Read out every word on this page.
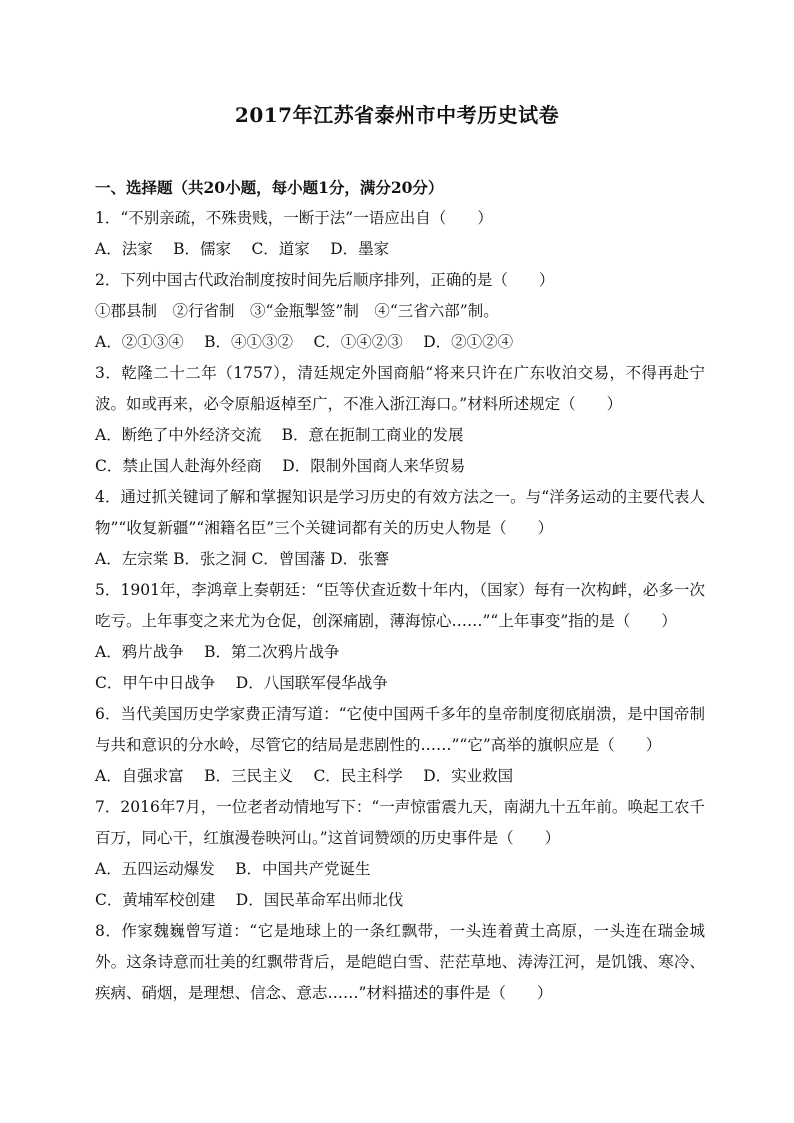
2017年江苏省泰州市中考历史试卷
一、选择题（共20小题，每小题1分，满分20分）
1．“不别亲疏，不殊贵贱，一断于法”一语应出自（　　）
A．法家　 B．儒家　 C．道家　 D．墨家
2．下列中国古代政治制度按时间先后顺序排列，正确的是（　　）
①郡县制　②行省制　③“金瓶掣签”制　④“三省六部”制。
A．②①③④　 B．④①③②　 C．①④②③　 D．②①②④
3．乾隆二十二年（1757），清廷规定外国商船“将来只许在广东收泊交易，不得再赴宁波。如或再来，必令原船返棹至广，不准入浙江海口。”材料所述规定（　　）
A．断绝了中外经济交流　 B．意在扼制工商业的发展
C．禁止国人赴海外经商　 D．限制外国商人来华贸易
4．通过抓关键词了解和掌握知识是学习历史的有效方法之一。与“洋务运动的主要代表人物”“收复新疆”“湘籍名臣”三个关键词都有关的历史人物是（　　）
A．左宗棠 B．张之洞 C．曾国藩 D．张謇
5．1901年，李鸿章上奏朝廷：“臣等伏查近数十年内，（国家）每有一次构衅，必多一次吃亏。上年事变之来尤为仓促，创深痛剧，薄海惊心……”“上年事变”指的是（　　）
A．鸦片战争　 B．第二次鸦片战争
C．甲午中日战争　 D．八国联军侵华战争
6．当代美国历史学家费正清写道：“它使中国两千多年的皇帝制度彻底崩溃，是中国帝制与共和意识的分水岭，尽管它的结局是悲剧性的……”“它”高举的旗帜应是（　　）
A．自强求富　 B．三民主义　 C．民主科学　 D．实业救国
7．2016年7月，一位老者动情地写下：“一声惊雷震九天，南湖九十五年前。唤起工农千百万，同心干，红旗漫卷映河山。”这首词赞颂的历史事件是（　　）
A．五四运动爆发　 B．中国共产党诞生
C．黄埔军校创建　 D．国民革命军出师北伐
8．作家魏巍曾写道：“它是地球上的一条红飘带，一头连着黄土高原，一头连在瑞金城外。这条诗意而壮美的红飘带背后，是皑皑白雪、茫茫草地、涛涛江河，是饥饿、寒冷、疾病、硝烟，是理想、信念、意志……”材料描述的事件是（　　）
